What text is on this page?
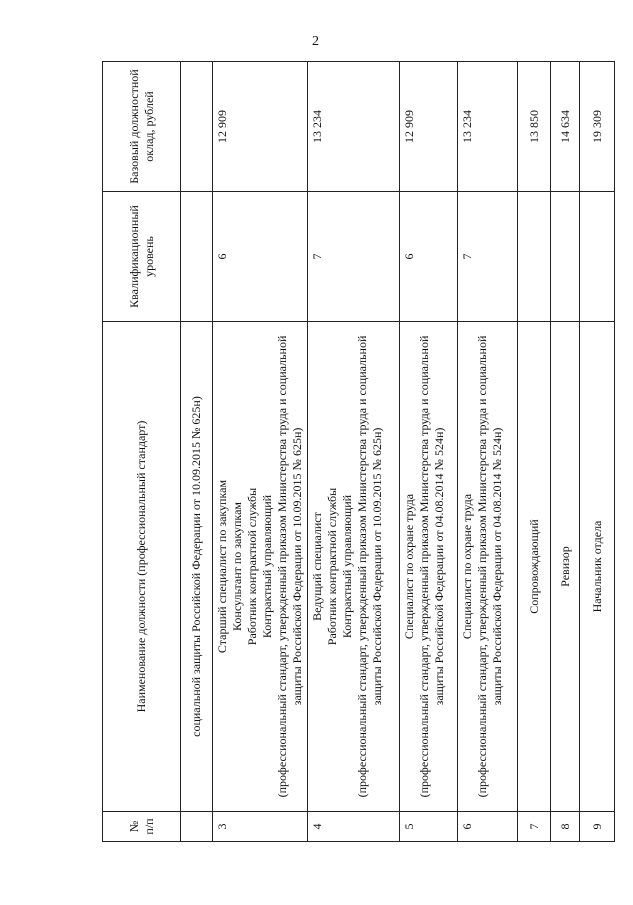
2
№ п/п	Наименование должности (профессиональный стандарт)	Квалификационный уровень	Базовый должностной оклад, рублей
	социальной защиты Российской Федерации от 10.09.2015 № 625н)		
3	Старший специалист по закупкам
Консультант по закупкам
Работник контрактной службы
Контрактный управляющий
(профессиональный стандарт, утвержденный приказом Министерства труда и социальной защиты Российской Федерации от 10.09.2015 № 625н)	6	12 909
4	Ведущий специалист
Работник контрактной службы
Контрактный управляющий
(профессиональный стандарт, утвержденный приказом Министерства труда и социальной защиты Российской Федерации от 10.09.2015 № 625н)	7	13 234
5	Специалист по охране труда
(профессиональный стандарт, утвержденный приказом Министерства труда и социальной защиты Российской Федерации от 04.08.2014 № 524н)	6	12 909
6	Специалист по охране труда
(профессиональный стандарт, утвержденный приказом Министерства труда и социальной защиты Российской Федерации от 04.08.2014 № 524н)	7	13 234
7	Сопровождающий		13 850
8	Ревизор		14 634
9	Начальник отдела		19 309
